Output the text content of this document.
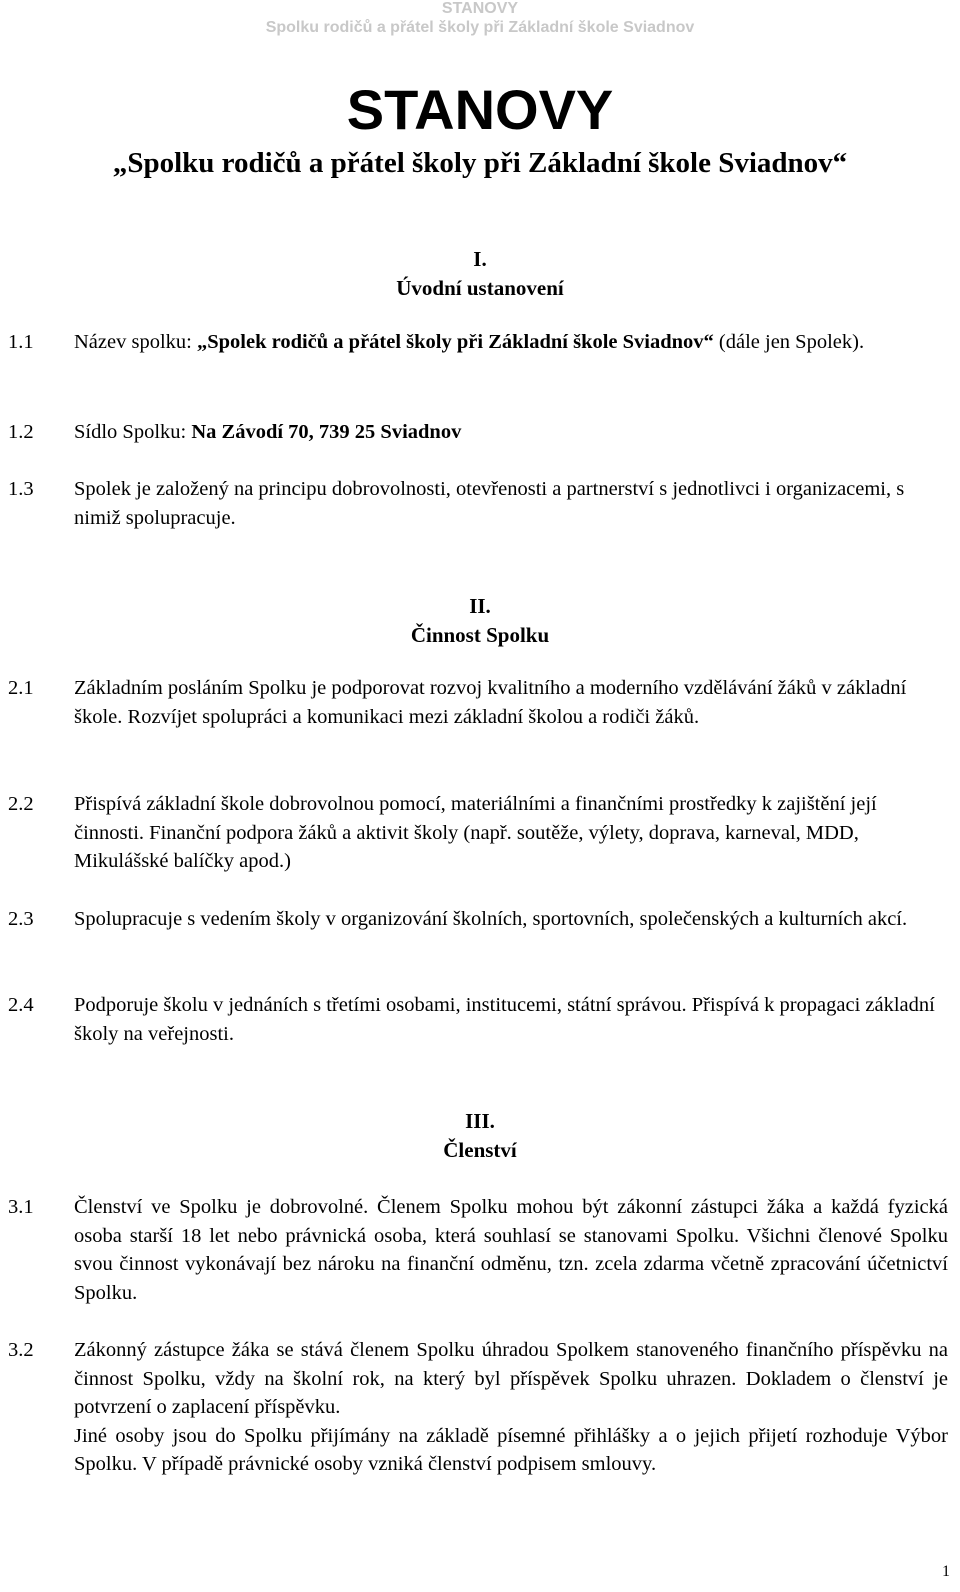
STANOVY
Spolku rodičů a přátel školy při Základní škole Sviadnov
STANOVY
„Spolku rodičů a přátel školy při Základní škole Sviadnov“
I.
Úvodní ustanovení
1.1	Název spolku: „Spolek rodičů a přátel školy při Základní škole Sviadnov“ (dále jen Spolek).
1.2	Sídlo Spolku: Na Závodí 70, 739 25 Sviadnov
1.3	Spolek je založený na principu dobrovolnosti, otevřenosti a partnerství s jednotlivci i organizacemi, s nimiž spolupracuje.
II.
Činnost Spolku
2.1	Základním posláním Spolku je podporovat rozvoj kvalitního a moderního vzdělávání žáků v základní škole. Rozvíjet spolupráci a komunikaci mezi základní školou a rodiči žáků.
2.2	Přispívá základní škole dobrovolnou pomocí, materiálními a finančními prostředky k zajištění její činnosti. Finanční podpora žáků a aktivit školy (např. soutěže, výlety, doprava, karneval, MDD, Mikulášské balíčky apod.)
2.3	Spolupracuje s vedením školy v organizování školních, sportovních, společenských a kulturních akcí.
2.4	Podporuje školu v jednáních s třetími osobami, institucemi, státní správou. Přispívá k propagaci základní školy na veřejnosti.
III.
Členství
3.1	Členství ve Spolku je dobrovolné. Členem Spolku mohou být zákonní zástupci žáka a každá fyzická osoba starší 18 let nebo právnická osoba, která souhlasí se stanovami Spolku. Všichni členové Spolku svou činnost vykonávají bez nároku na finanční odměnu, tzn. zcela zdarma včetně zpracování účetnictví Spolku.
3.2	Zákonný zástupce žáka se stává členem Spolku úhradou Spolkem stanoveného finančního příspěvku na činnost Spolku, vždy na školní rok, na který byl příspěvek Spolku uhrazen. Dokladem o členství je potvrzení o zaplacení příspěvku.
Jiné osoby jsou do Spolku přijímány na základě písemné přihlášky a o jejich přijetí rozhoduje Výbor Spolku. V případě právnické osoby vzniká členství podpisem smlouvy.
1
